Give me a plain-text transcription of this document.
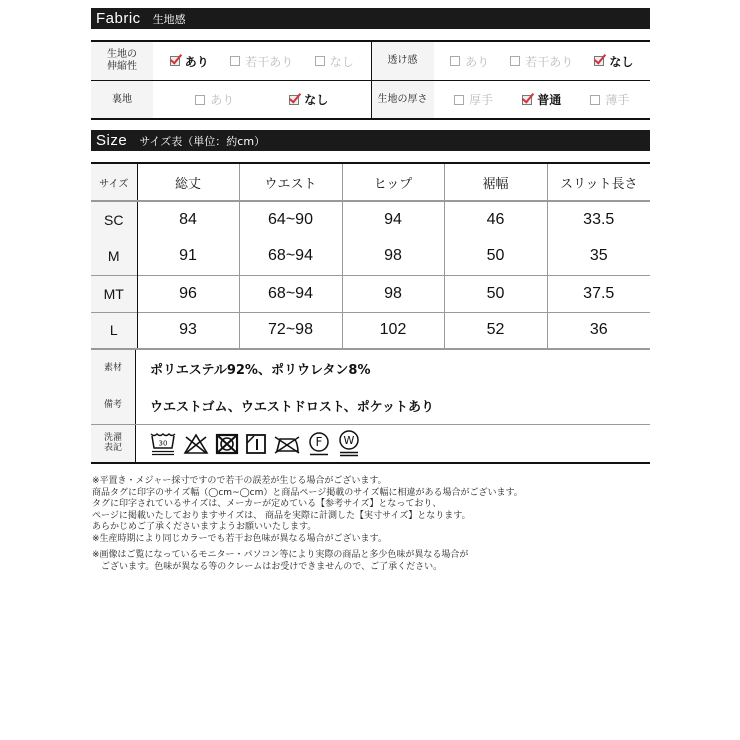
Fabric 生地感
生地の
伸縮性	あり	若干あり	なし	透け感	あり	若干あり	なし
裏地	あり	なし	生地の厚さ	厚手	普通	薄手
Size サイズ表（単位：約cm）
サイズ	総丈	ウエスト	ヒップ	裾幅	スリット長さ
SC	84	64~90	94	46	33.5
M	91	68~94	98	50	35
MT	96	68~94	98	50	37.5
L	93	72~98	102	52	36
素材	ポリエステル92%、ポリウレタン8%
備考	ウエストゴム、ウエストドロスト、ポケットあり
洗濯
表記	30	F W

※平置き・メジャー採寸ですので若干の誤差が生じる場合がございます。

商品タグに印字のサイズ幅（◯cm~◯cm）と商品ページ掲載のサイズ幅に相違がある場合がございます。

タグに印字されているサイズは、メーカーが定めている【参考サイズ】となっており、

ページに掲載いたしておりますサイズは、 商品を実際に計測した【実寸サイズ】となります。

あらかじめご了承くださいますようお願いいたします。

※生産時期により同じカラーでも若干お色味が異なる場合がございます。

※画像はご覧になっているモニター・パソコン等により実際の商品と多少色味が異なる場合が

ございます。色味が異なる等のクレームはお受けできませんので、ご了承ください。
